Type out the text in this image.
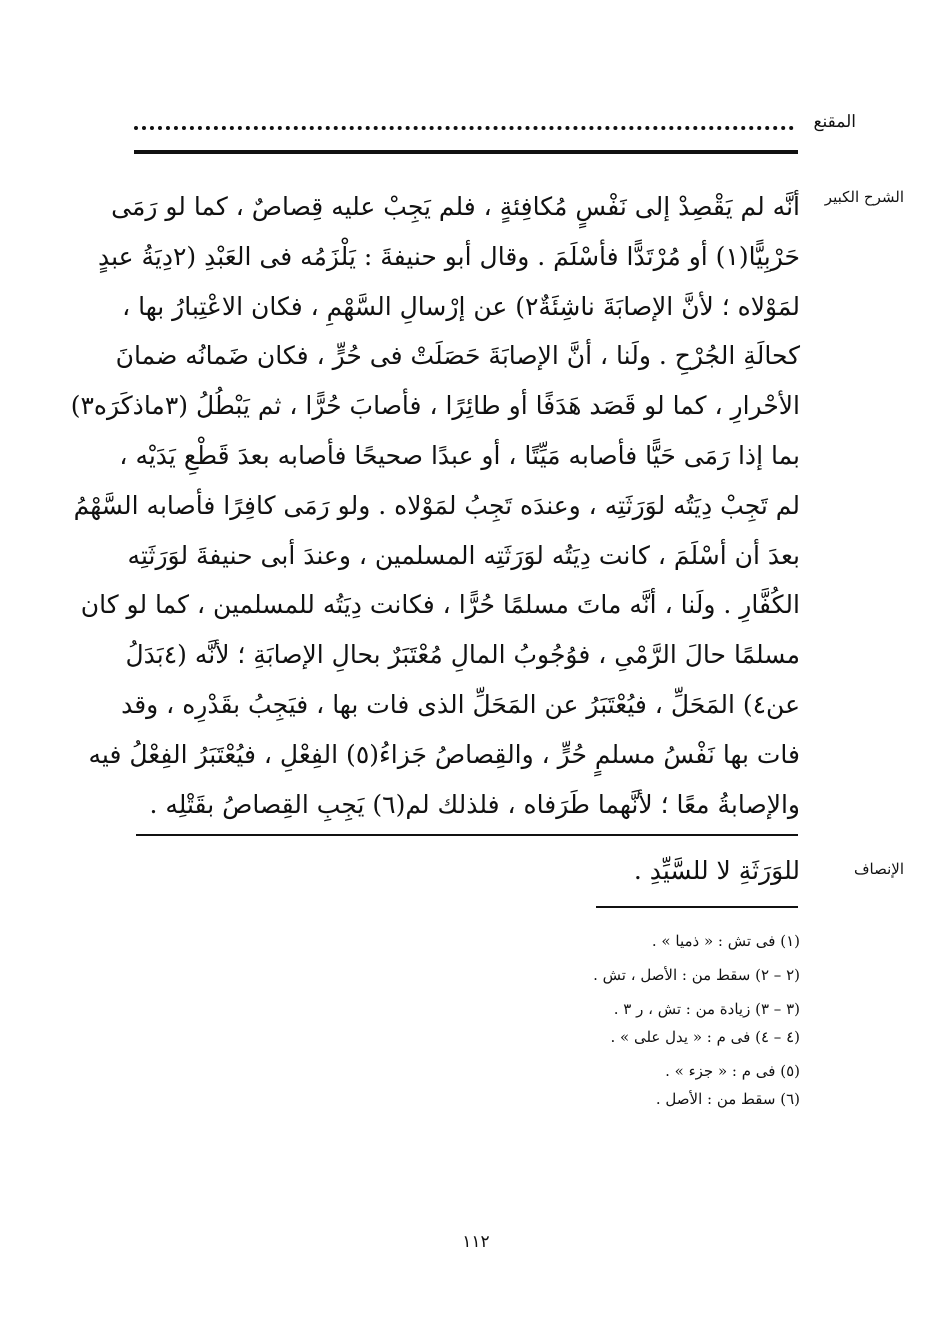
المقنع
الشرح الكبير
أنَّه لم يَقْصِدْ إلى نَفْسٍ مُكافِئةٍ ، فلم يَجِبْ عليه قِصاصٌ ، كما لو رَمَى
حَرْبِيًّا(١) أو مُرْتَدًّا فأسْلَمَ . وقال أبو حنيفةَ : يَلْزَمُه فى العَبْدِ (٢دِيَةُ عبدٍ
لمَوْلاه ؛ لأنَّ الإصابَةَ ناشِئَةٌ٢) عن إرْسالِ السَّهْمِ ، فكان الاعْتِبارُ بها ،
كحالَةِ الجُرْحِ . ولَنا ، أنَّ الإصابَةَ حَصَلَتْ فى حُرٍّ ، فكان ضَمانُه ضمانَ
الأحْرارِ ، كما لو قَصَد هَدَفًا أو طائِرًا ، فأصابَ حُرًّا ، ثم يَبْطُلُ (٣ماذكَرَه٣)
بما إذا رَمَى حَيًّا فأصابه مَيِّتًا ، أو عبدًا صحيحًا فأصابه بعدَ قَطْعِ يَدَيْه ،
لم تَجِبْ دِيَتُه لوَرَثَتِه ، وعندَه تَجِبُ لمَوْلاه . ولو رَمَى كافِرًا فأصابه السَّهْمُ
بعدَ أن أسْلَمَ ، كانت دِيَتُه لوَرَثَتِه المسلمين ، وعندَ أبى حنيفةَ لوَرَثَتِه
الكُفَّارِ . ولَنا ، أنَّه ماتَ مسلمًا حُرًّا ، فكانت دِيَتُه للمسلمين ، كما لو كان
مسلمًا حالَ الرَّمْىِ ، فوُجُوبُ المالِ مُعْتَبَرٌ بحالِ الإصابَةِ ؛ لأنَّه (٤بَدَلُ
عن٤) المَحَلِّ ، فيُعْتَبَرُ عن المَحَلِّ الذى فات بها ، فيَجِبُ بقَدْرِه ، وقد
فات بها نَفْسُ مسلمٍ حُرٍّ ، والقِصاصُ جَزاءُ(٥) الفِعْلِ ، فيُعْتَبَرُ الفِعْلُ فيه
والإصابةُ معًا ؛ لأنَّهما طَرَفاه ، فلذلك لم(٦) يَجِبِ القِصاصُ بقَتْلِه .
الإنصاف
للوَرَثَةِ لا للسَّيِّدِ .
(١) فى تش : « ذميا » .
(٢ – ٢) سقط من : الأصل ، تش .
(٣ – ٣) زيادة من : تش ، ر ٣ .
(٤ – ٤) فى م : « يدل على » .
(٥) فى م : « جزء » .
(٦) سقط من : الأصل .
١١٢
